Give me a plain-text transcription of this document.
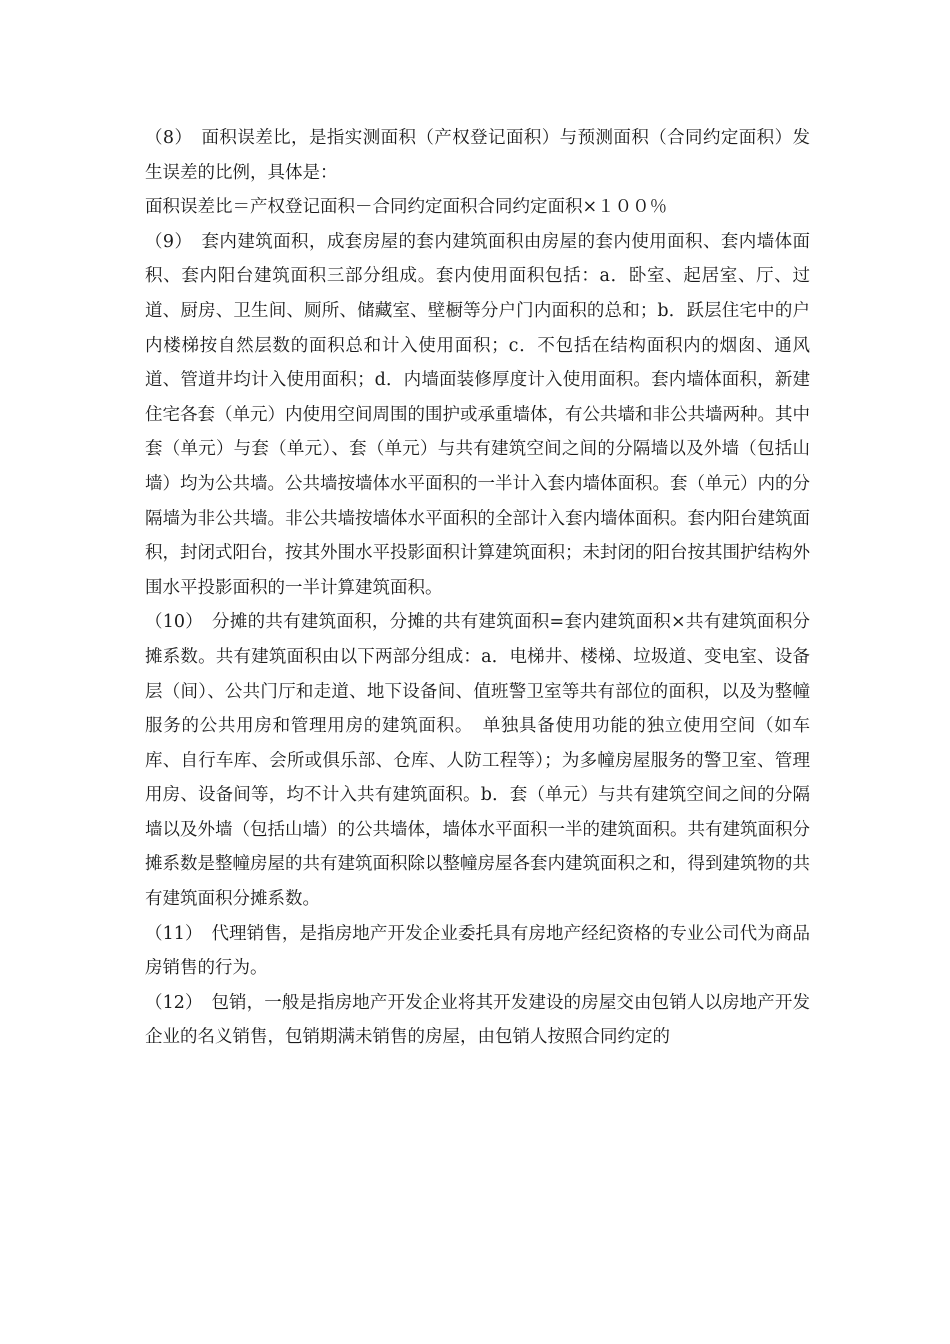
（8）　面积误差比，是指实测面积（产权登记面积）与预测面积（合同约定面积）发生误差的比例，具体是：

面积误差比＝产权登记面积－合同约定面积合同约定面积×１００％

（9）　套内建筑面积，成套房屋的套内建筑面积由房屋的套内使用面积、套内墙体面积、套内阳台建筑面积三部分组成。套内使用面积包括：a．卧室、起居室、厅、过道、厨房、卫生间、厕所、储藏室、壁橱等分户门内面积的总和；b．跃层住宅中的户内楼梯按自然层数的面积总和计入使用面积；c．不包括在结构面积内的烟囱、通风道、管道井均计入使用面积；d．内墙面装修厚度计入使用面积。套内墙体面积，新建住宅各套（单元）内使用空间周围的围护或承重墙体，有公共墙和非公共墙两种。其中套（单元）与套（单元）、套（单元）与共有建筑空间之间的分隔墙以及外墙（包括山墙）均为公共墙。公共墙按墙体水平面积的一半计入套内墙体面积。套（单元）内的分隔墙为非公共墙。非公共墙按墙体水平面积的全部计入套内墙体面积。套内阳台建筑面积，封闭式阳台，按其外围水平投影面积计算建筑面积；未封闭的阳台按其围护结构外围水平投影面积的一半计算建筑面积。

（10）　分摊的共有建筑面积，分摊的共有建筑面积=套内建筑面积×共有建筑面积分摊系数。共有建筑面积由以下两部分组成：a．电梯井、楼梯、垃圾道、变电室、设备层（间）、公共门厅和走道、地下设备间、值班警卫室等共有部位的面积，以及为整幢服务的公共用房和管理用房的建筑面积。　单独具备使用功能的独立使用空间（如车库、自行车库、会所或俱乐部、仓库、人防工程等）；为多幢房屋服务的警卫室、管理用房、设备间等，均不计入共有建筑面积。b．套（单元）与共有建筑空间之间的分隔墙以及外墙（包括山墙）的公共墙体，墙体水平面积一半的建筑面积。共有建筑面积分摊系数是整幢房屋的共有建筑面积除以整幢房屋各套内建筑面积之和，得到建筑物的共有建筑面积分摊系数。

（11）　代理销售，是指房地产开发企业委托具有房地产经纪资格的专业公司代为商品房销售的行为。

（12）　包销，一般是指房地产开发企业将其开发建设的房屋交由包销人以房地产开发企业的名义销售，包销期满未销售的房屋，由包销人按照合同约定的
